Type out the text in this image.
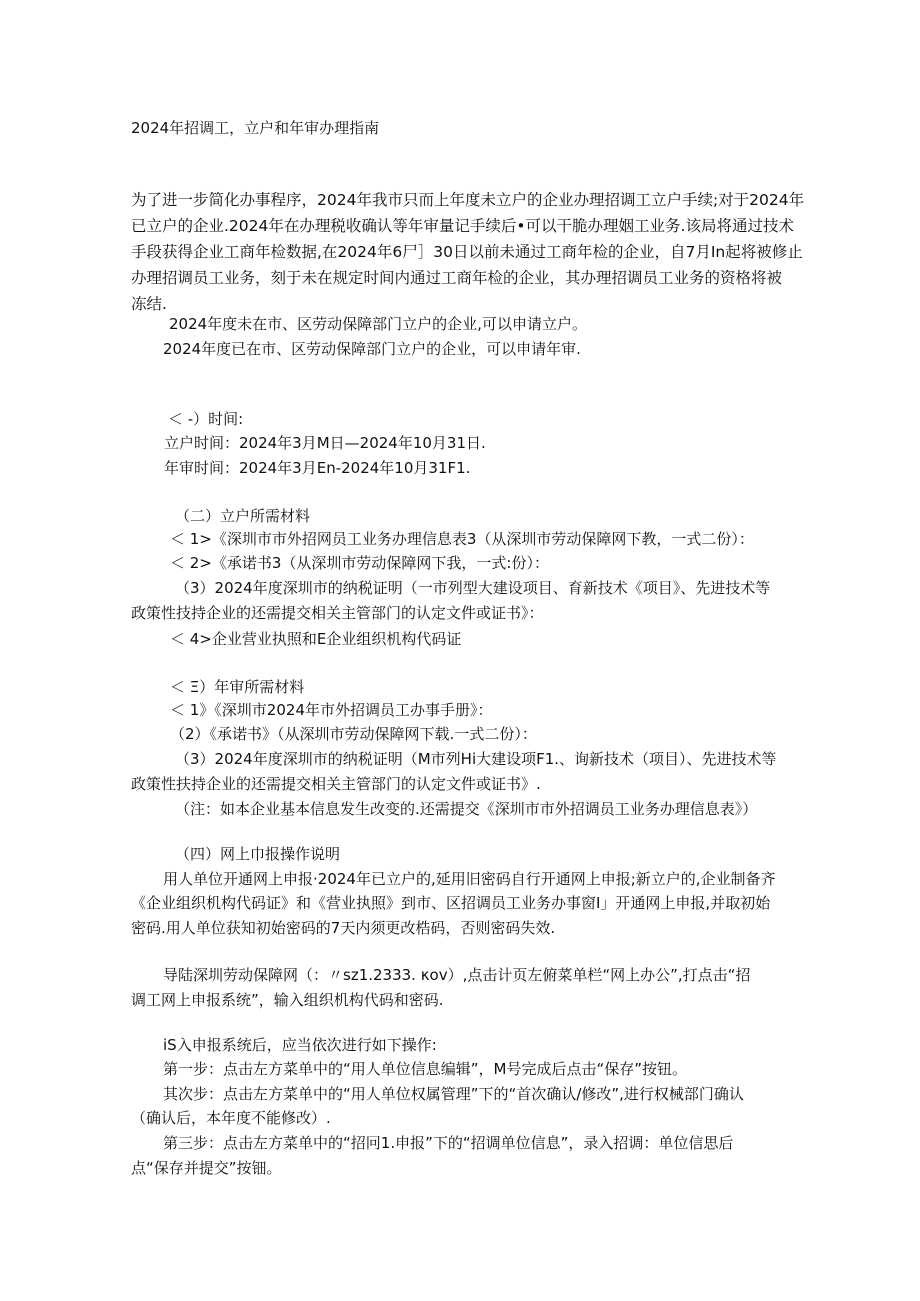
2024年招调工，立户和年审办理指南
为了进一步简化办事程序，2024年我市只而上年度未立户的企业办理招调工立户手续;对于2024年
已立户的企业.2024年在办理税收确认等年审量记手续后•可以干脆办理姻工业务.该局将通过技术
手段获得企业工商年检数据,在2024年6尸］30日以前未通过工商年检的企业，自7月In起将被修止
办理招调员工业务，刻于未在规定时间内通过工商年检的企业，其办理招调员工业务的资格将被
冻结.
2024年度未在市、区劳动保障部门立户的企业,可以申请立户。
2024年度已在市、区劳动保障部门立户的企业，可以申请年审.
＜ -）时间:
立户时间：2024年3月M日—2024年10月31日.
年审时间：2024年3月En-2024年10月31F1.
（二）立户所需材料
＜ 1>《深圳市市外招网员工业务办理信息表3（从深圳市劳动保障网下教，一式二份）：
＜ 2>《承诺书3（从深圳市劳动保障网下我，一式:份）：
（3）2024年度深圳市的纳税证明（一市列型大建设项目、育新技术《项目》、先进技术等
政策性技持企业的还需提交相关主管部门的认定文件或证书》：
＜ 4>企业营业执照和E企业组织机构代码证
＜ Ξ）年审所需材料
＜ 1》《深圳市2024年市外招调员工办事手册》：
（2）《承诺书》（从深圳市劳动保障网下载.一式二份）：
（3）2024年度深圳市的纳税证明（M市列Hi大建设项F1.、询新技术（项目）、先进技术等
政策性扶持企业的还需提交相关主管部门的认定文件或证书》.
（注：如本企业基本信息发生改变的.还需提交《深圳市市外招调员工业务办理信息表》）
（四）网上巾报操作说明
用人单位开通网上申报·2024年已立户的,延用旧密码自行开通网上申报;新立户的,企业制备齐
《企业组织机构代码证》和《营业执照》到市、区招调员工业务办事窗I」开通网上申报,并取初始
密码.用人单位获知初始密码的7天内须更改梏码，否则密码失效.
导陆深圳劳动保障网（：〃sz1.2333. κov）,点击计页左俯菜单栏“网上办公”,打点击“招
调工网上申报系统”，输入组织机构代码和密码.
iS入申报系统后，应当依次进行如下操作:
第一步：点击左方菜单中的“用人单位信息编辑”，M号完成后点击“保存”按钮。
其次步：点击左方菜单中的“用人单位权属管理”下的“首次确认/修改”,进行权械部门确认
（确认后，本年度不能修改）.
第三步：点击左方菜单中的“招冋1.申报”下的“招调单位信息”，录入招调：单位信思后
点“保存并提交”按钿。
